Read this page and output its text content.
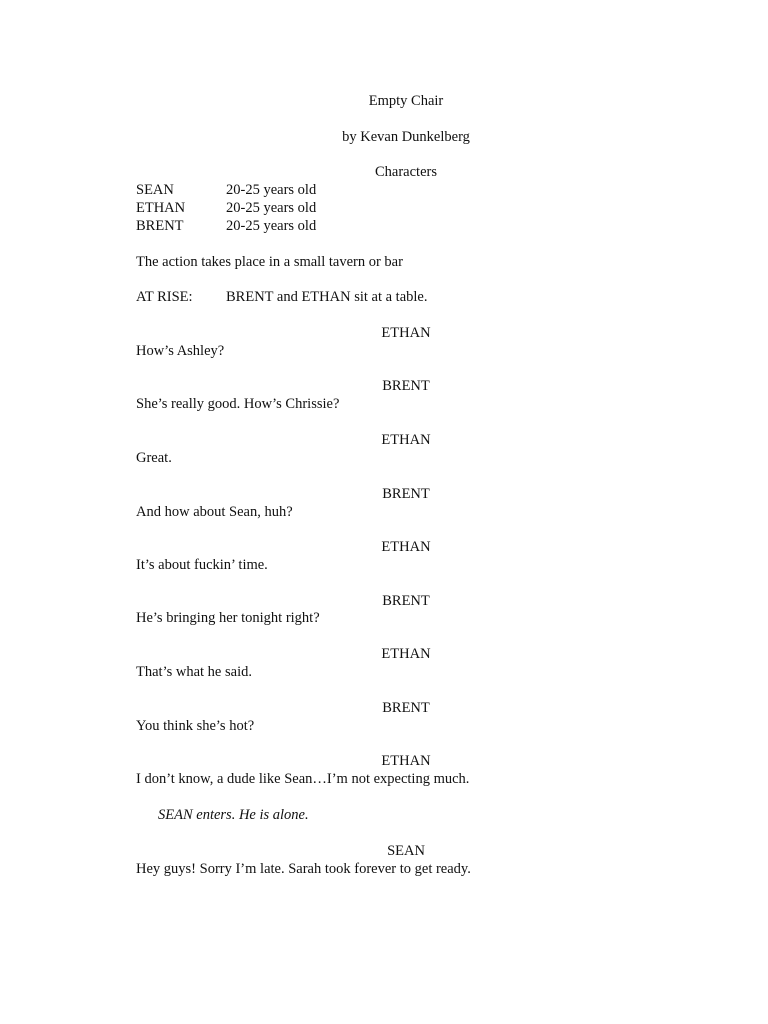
Empty Chair
by Kevan Dunkelberg
Characters
SEAN	20-25 years old
ETHAN	20-25 years old
BRENT	20-25 years old
The action takes place in a small tavern or bar
AT RISE: BRENT and ETHAN sit at a table.
ETHAN
How’s Ashley?
BRENT
She’s really good. How’s Chrissie?
ETHAN
Great.
BRENT
And how about Sean, huh?
ETHAN
It’s about fuckin’ time.
BRENT
He’s bringing her tonight right?
ETHAN
That’s what he said.
BRENT
You think she’s hot?
ETHAN
I don’t know, a dude like Sean…I’m not expecting much.
SEAN enters. He is alone.
SEAN
Hey guys! Sorry I’m late. Sarah took forever to get ready.
